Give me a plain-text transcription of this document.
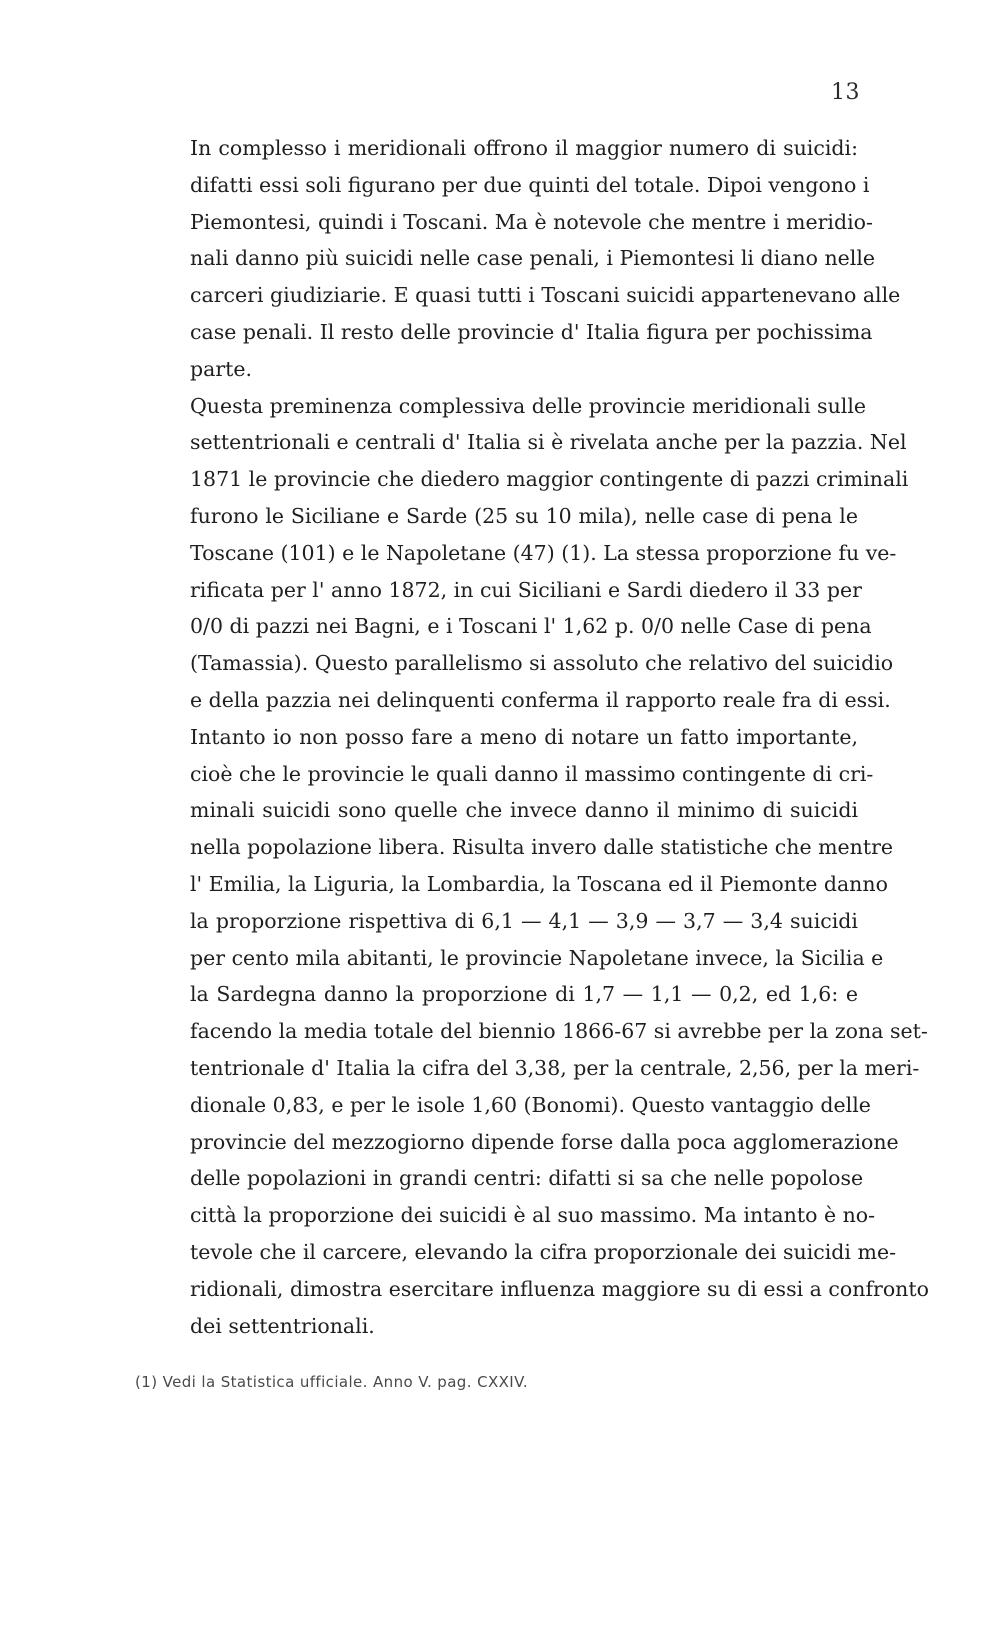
13
In complesso i meridionali offrono il maggior numero di suicidi:
difatti essi soli figurano per due quinti del totale. Dipoi vengono i
Piemontesi, quindi i Toscani. Ma è notevole che mentre i meridio-
nali danno più suicidi nelle case penali, i Piemontesi li diano nelle
carceri giudiziarie. E quasi tutti i Toscani suicidi appartenevano alle
case penali. Il resto delle provincie d' Italia figura per pochissima
parte.
Questa preminenza complessiva delle provincie meridionali sulle
settentrionali e centrali d' Italia si è rivelata anche per la pazzia. Nel
1871 le provincie che diedero maggior contingente di pazzi criminali
furono le Siciliane e Sarde (25 su 10 mila), nelle case di pena le
Toscane (101) e le Napoletane (47) (1). La stessa proporzione fu ve-
rificata per l' anno 1872, in cui Siciliani e Sardi diedero il 33 per
0/0 di pazzi nei Bagni, e i Toscani l' 1,62 p. 0/0 nelle Case di pena
(Tamassia). Questo parallelismo si assoluto che relativo del suicidio
e della pazzia nei delinquenti conferma il rapporto reale fra di essi.
Intanto io non posso fare a meno di notare un fatto importante,
cioè che le provincie le quali danno il massimo contingente di cri-
minali suicidi sono quelle che invece danno il minimo di suicidi
nella popolazione libera. Risulta invero dalle statistiche che mentre
l' Emilia, la Liguria, la Lombardia, la Toscana ed il Piemonte danno
la proporzione rispettiva di 6,1 — 4,1 — 3,9 — 3,7 — 3,4 suicidi
per cento mila abitanti, le provincie Napoletane invece, la Sicilia e
la Sardegna danno la proporzione di 1,7 — 1,1 — 0,2, ed 1,6: e
facendo la media totale del biennio 1866-67 si avrebbe per la zona set-
tentrionale d' Italia la cifra del 3,38, per la centrale, 2,56, per la meri-
dionale 0,83, e per le isole 1,60 (Bonomi). Questo vantaggio delle
provincie del mezzogiorno dipende forse dalla poca agglomerazione
delle popolazioni in grandi centri: difatti si sa che nelle popolose
città la proporzione dei suicidi è al suo massimo. Ma intanto è no-
tevole che il carcere, elevando la cifra proporzionale dei suicidi me-
ridionali, dimostra esercitare influenza maggiore su di essi a confronto
dei settentrionali.
(1) Vedi la Statistica ufficiale. Anno V. pag. CXXIV.
